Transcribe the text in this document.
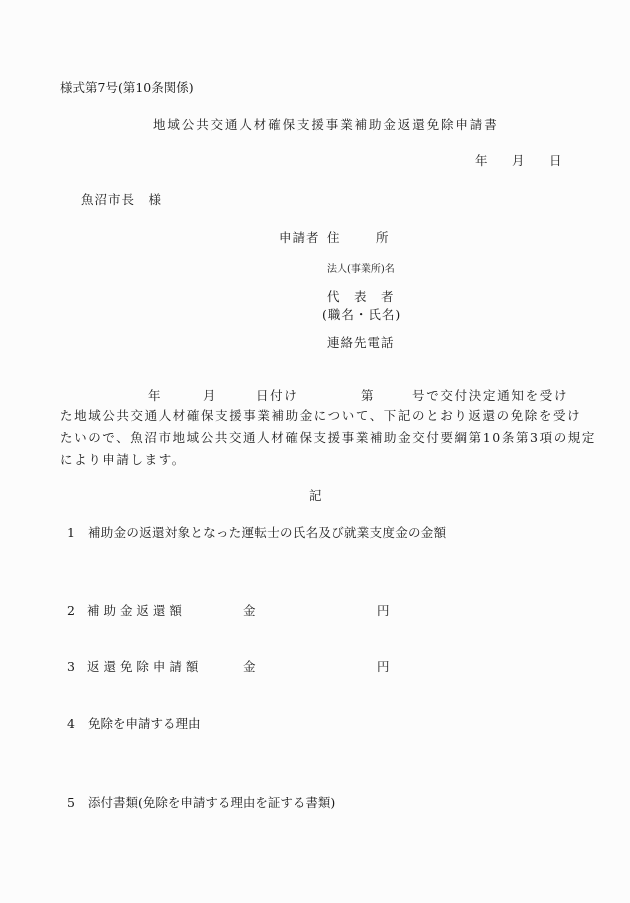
様式第7号(第10条関係)
地域公共交通人材確保支援事業補助金返還免除申請書
年 月 日
魚沼市長　様
申請者 住	所
法人(事業所)名
代　表　者
(職名・氏名)
連絡先電話
年	月	日付け	第	号で交付決定通知を受け
た地域公共交通人材確保支援事業補助金について、下記のとおり返還の免除を受け
たいので、魚沼市地域公共交通人材確保支援事業補助金交付要綱第10条第3項の規定
により申請します。
記
1 補助金の返還対象となった運転士の氏名及び就業支度金の金額
2 補 助 金 返 還 額	金	円
3 返 還 免 除 申 請 額	金	円
4 免除を申請する理由
5 添付書類(免除を申請する理由を証する書類)
